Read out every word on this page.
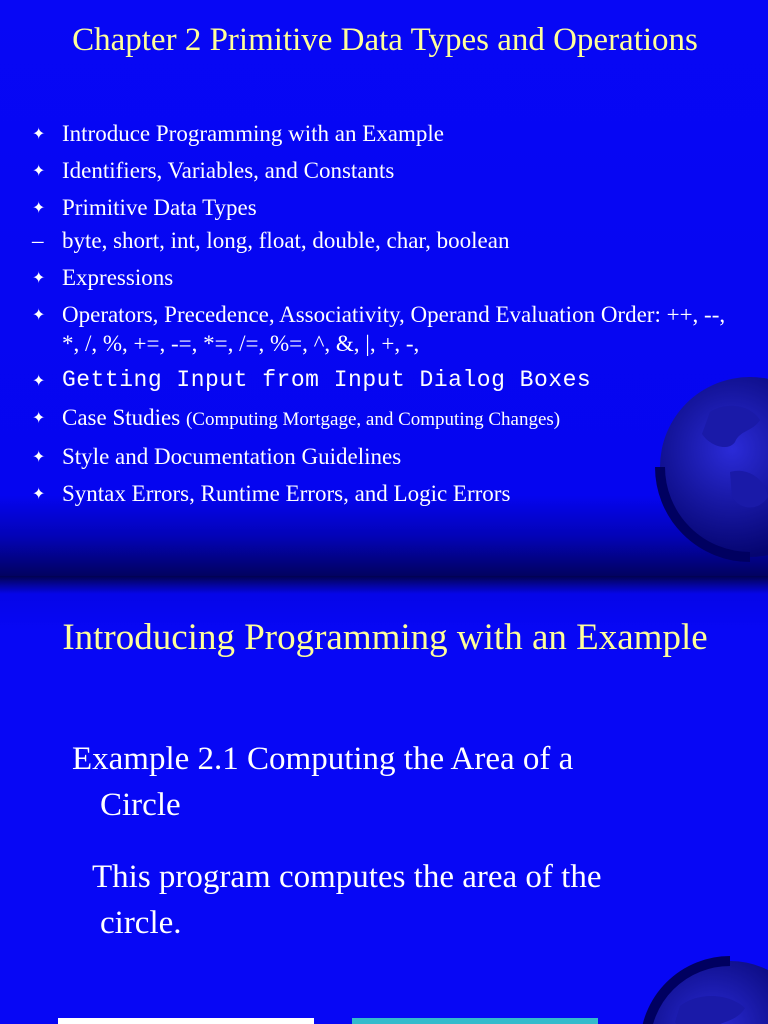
Chapter 2 Primitive Data Types and Operations
✦ Introduce Programming with an Example
✦ Identifiers, Variables, and Constants
✦ Primitive Data Types
– byte, short, int, long, float, double, char, boolean
✦ Expressions
✦ Operators, Precedence, Associativity, Operand Evaluation Order: ++, --, *, /, %, +=, -=, *=, /=, %=, ^, &, |, +, -,
✦ Getting Input from Input Dialog Boxes
✦ Case Studies (Computing Mortgage, and Computing Changes)
✦ Style and Documentation Guidelines
✦ Syntax Errors, Runtime Errors, and Logic Errors
Introducing Programming with an Example

Example 2.1 Computing the Area of a
Circle

This program computes the area of the
circle.
